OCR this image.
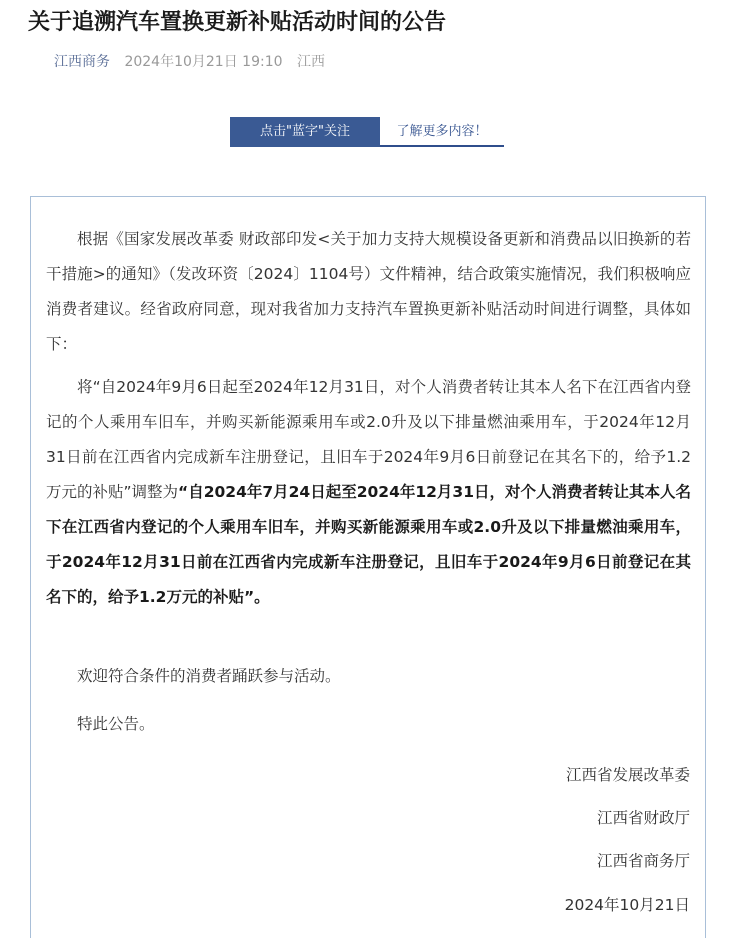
关于追溯汽车置换更新补贴活动时间的公告
江西商务 2024年10月21日 19:10 江西
点击"蓝字"关注	了解更多内容！

根据《国家发展改革委 财政部印发<关于加力支持大规模设备更新和消费品以旧换新的若干措施>的通知》（发改环资〔2024〕1104号）文件精神，结合政策实施情况，我们积极响应消费者建议。经省政府同意，现对我省加力支持汽车置换更新补贴活动时间进行调整，具体如下：

将“自2024年9月6日起至2024年12月31日，对个人消费者转让其本人名下在江西省内登记的个人乘用车旧车，并购买新能源乘用车或2.0升及以下排量燃油乘用车，于2024年12月31日前在江西省内完成新车注册登记，且旧车于2024年9月6日前登记在其名下的，给予1.2万元的补贴”调整为“自2024年7月24日起至2024年12月31日，对个人消费者转让其本人名下在江西省内登记的个人乘用车旧车，并购买新能源乘用车或2.0升及以下排量燃油乘用车，于2024年12月31日前在江西省内完成新车注册登记，且旧车于2024年9月6日前登记在其名下的，给予1.2万元的补贴”。

欢迎符合条件的消费者踊跃参与活动。

特此公告。

江西省发展改革委
江西省财政厅
江西省商务厅
2024年10月21日
